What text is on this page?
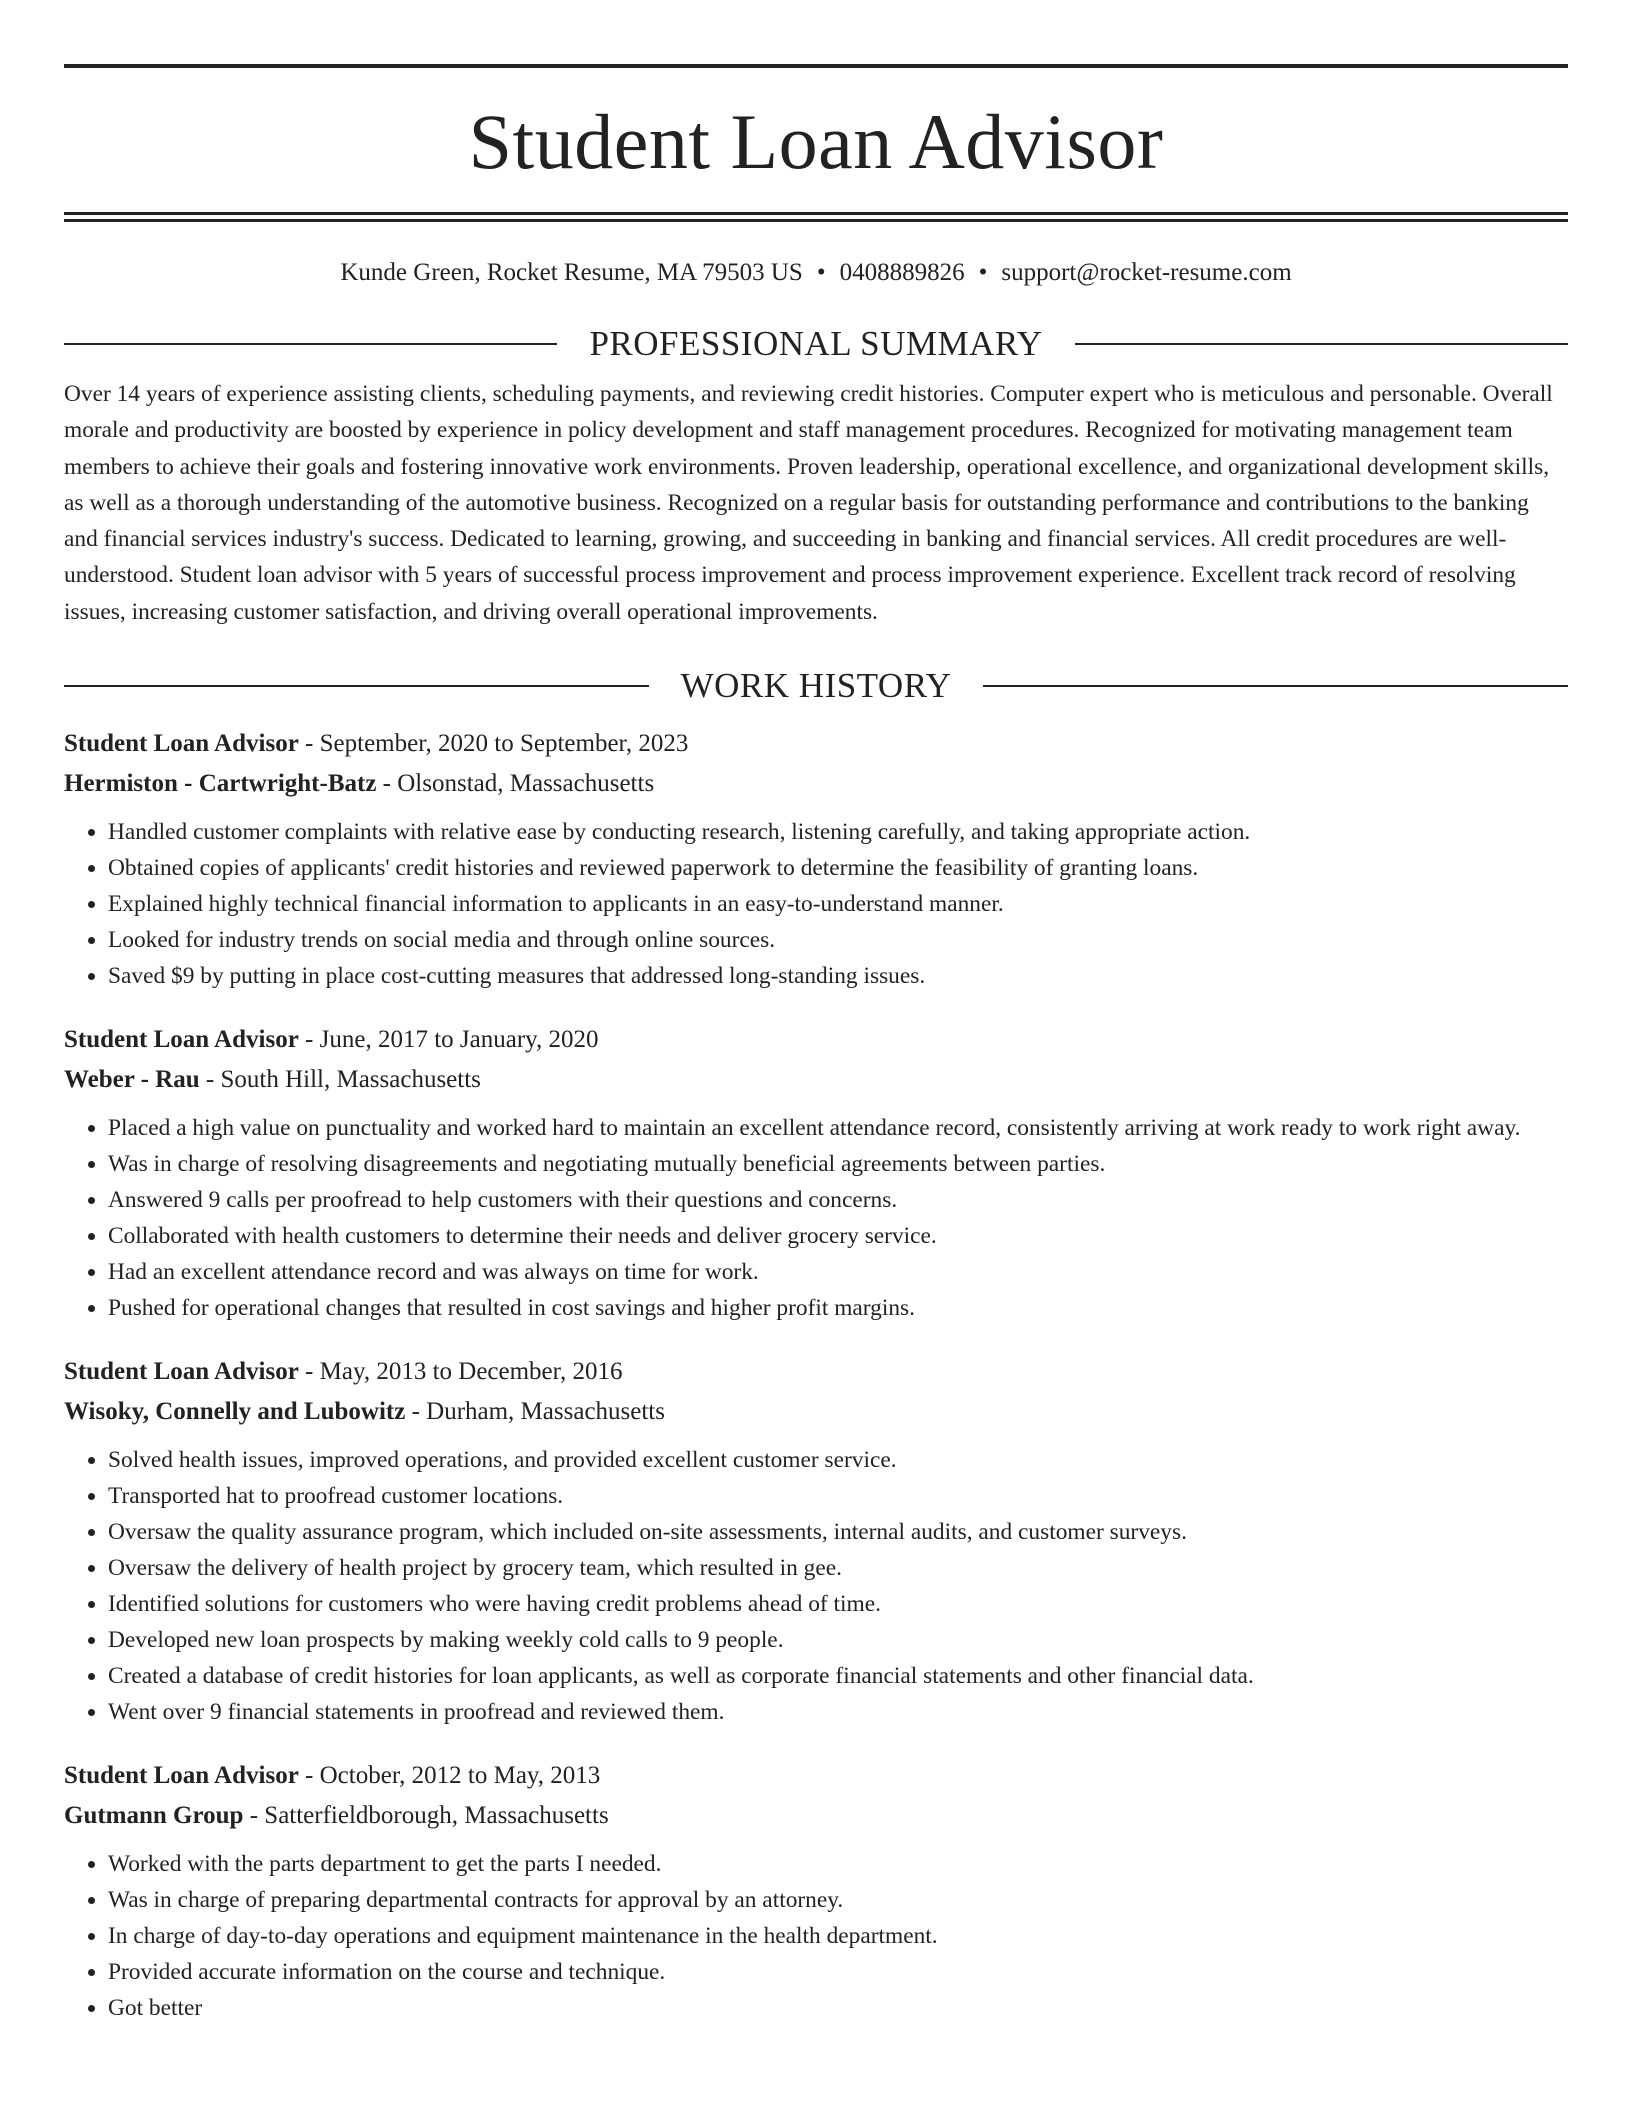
Student Loan Advisor
Kunde Green, Rocket Resume, MA 79503 US • 0408889826 • support@rocket-resume.com
PROFESSIONAL SUMMARY
Over 14 years of experience assisting clients, scheduling payments, and reviewing credit histories. Computer expert who is meticulous and personable. Overall morale and productivity are boosted by experience in policy development and staff management procedures. Recognized for motivating management team members to achieve their goals and fostering innovative work environments. Proven leadership, operational excellence, and organizational development skills, as well as a thorough understanding of the automotive business. Recognized on a regular basis for outstanding performance and contributions to the banking and financial services industry's success. Dedicated to learning, growing, and succeeding in banking and financial services. All credit procedures are well-understood. Student loan advisor with 5 years of successful process improvement and process improvement experience. Excellent track record of resolving issues, increasing customer satisfaction, and driving overall operational improvements.
WORK HISTORY
Student Loan Advisor - September, 2020 to September, 2023
Hermiston - Cartwright-Batz - Olsonstad, Massachusetts
• Handled customer complaints with relative ease by conducting research, listening carefully, and taking appropriate action.
• Obtained copies of applicants' credit histories and reviewed paperwork to determine the feasibility of granting loans.
• Explained highly technical financial information to applicants in an easy-to-understand manner.
• Looked for industry trends on social media and through online sources.
• Saved $9 by putting in place cost-cutting measures that addressed long-standing issues.
Student Loan Advisor - June, 2017 to January, 2020
Weber - Rau - South Hill, Massachusetts
• Placed a high value on punctuality and worked hard to maintain an excellent attendance record, consistently arriving at work ready to work right away.
• Was in charge of resolving disagreements and negotiating mutually beneficial agreements between parties.
• Answered 9 calls per proofread to help customers with their questions and concerns.
• Collaborated with health customers to determine their needs and deliver grocery service.
• Had an excellent attendance record and was always on time for work.
• Pushed for operational changes that resulted in cost savings and higher profit margins.
Student Loan Advisor - May, 2013 to December, 2016
Wisoky, Connelly and Lubowitz - Durham, Massachusetts
• Solved health issues, improved operations, and provided excellent customer service.
• Transported hat to proofread customer locations.
• Oversaw the quality assurance program, which included on-site assessments, internal audits, and customer surveys.
• Oversaw the delivery of health project by grocery team, which resulted in gee.
• Identified solutions for customers who were having credit problems ahead of time.
• Developed new loan prospects by making weekly cold calls to 9 people.
• Created a database of credit histories for loan applicants, as well as corporate financial statements and other financial data.
• Went over 9 financial statements in proofread and reviewed them.
Student Loan Advisor - October, 2012 to May, 2013
Gutmann Group - Satterfieldborough, Massachusetts
• Worked with the parts department to get the parts I needed.
• Was in charge of preparing departmental contracts for approval by an attorney.
• In charge of day-to-day operations and equipment maintenance in the health department.
• Provided accurate information on the course and technique.
• Got better
